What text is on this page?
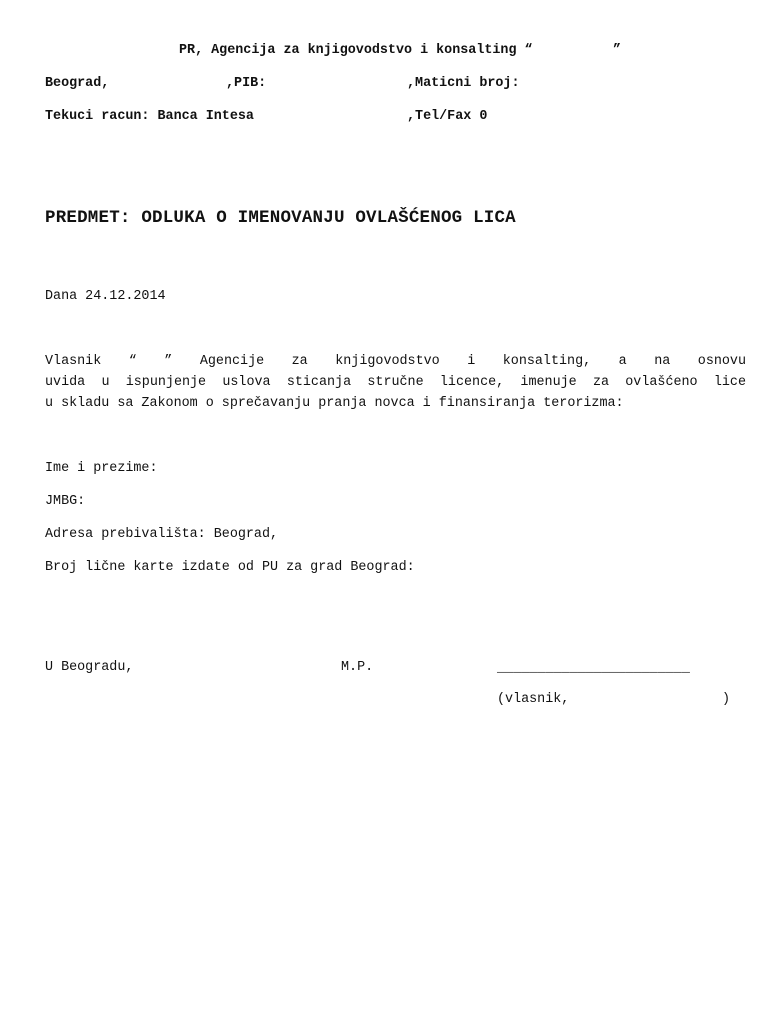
PR, Agencija za knjigovodstvo i konsalting “          ”
Beograd,	,PIB:	,Maticni broj:
Tekuci racun: Banca Intesa	,Tel/Fax 0
PREDMET: ODLUKA O IMENOVANJU OVLAŠĆENOG LICA
Dana 24.12.2014
Vlasnik “ ” Agencije za knjigovodstvo i konsalting, a na osnovu
uvida u ispunjenje uslova sticanja stručne licence, imenuje za ovlašćeno lice
u skladu sa Zakonom o sprečavanju pranja novca i finansiranja terorizma:
Ime i prezime:
JMBG:
Adresa prebivališta: Beograd,
Broj lične karte izdate od PU za grad Beograd:
U Beogradu,	M.P.	________________________
(vlasnik,	)
